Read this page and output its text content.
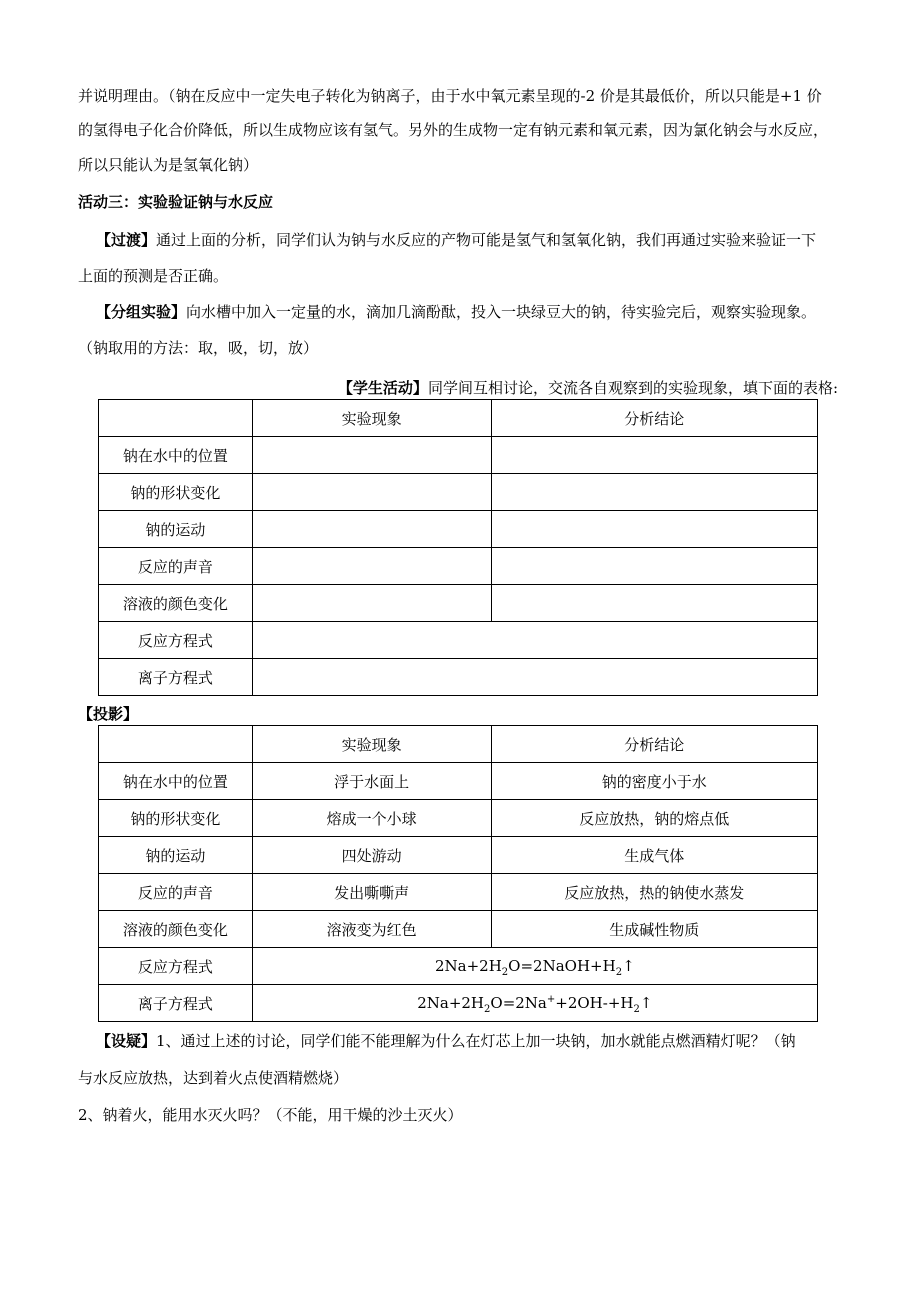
并说明理由。（钠在反应中一定失电子转化为钠离子，由于水中氧元素呈现的-2 价是其最低价，所以只能是+1 价
的氢得电子化合价降低，所以生成物应该有氢气。另外的生成物一定有钠元素和氧元素，因为氯化钠会与水反应，
所以只能认为是氢氧化钠）
活动三：实验验证钠与水反应
【过渡】通过上面的分析，同学们认为钠与水反应的产物可能是氢气和氢氧化钠，我们再通过实验来验证一下
上面的预测是否正确。
【分组实验】向水槽中加入一定量的水，滴加几滴酚酞，投入一块绿豆大的钠，待实验完后，观察实验现象。
（钠取用的方法：取，吸，切，放）
【学生活动】同学间互相讨论，交流各自观察到的实验现象，填下面的表格:
	实验现象	分析结论
钠在水中的位置		
钠的形状变化		
钠的运动		
反应的声音		
溶液的颜色变化		
反应方程式		
离子方程式		
【投影】
	实验现象	分析结论
钠在水中的位置	浮于水面上	钠的密度小于水
钠的形状变化	熔成一个小球	反应放热，钠的熔点低
钠的运动	四处游动	生成气体
反应的声音	发出嘶嘶声	反应放热，热的钠使水蒸发
溶液的颜色变化	溶液变为红色	生成碱性物质
反应方程式	$2Na+2H_2O=2NaOH+H_2↑$	
离子方程式	$2Na+2H_2O=2Na^++2OH-+H_2↑$	
【设疑】1、通过上述的讨论，同学们能不能理解为什么在灯芯上加一块钠，加水就能点燃酒精灯呢？（钠
与水反应放热，达到着火点使酒精燃烧）
2、钠着火，能用水灭火吗？（不能，用干燥的沙土灭火）
